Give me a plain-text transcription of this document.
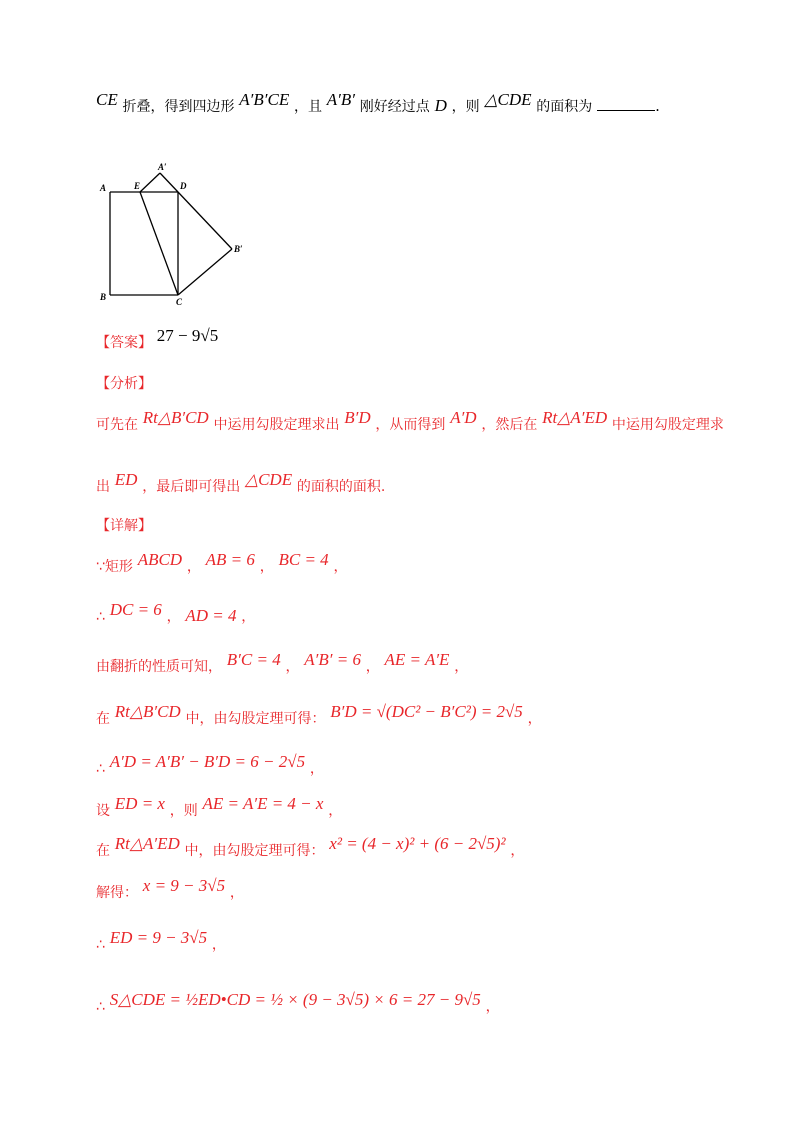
CE 折叠，得到四边形 A′B′CE ，且 A′B′ 刚好经过点 D ，则 △CDE 的面积为	.
A	E	D
A′
B	C
B′
【答案】 27 − 9√5
【分析】
可先在 Rt△B′CD 中运用勾股定理求出 B′D ，从而得到 A′D ，然后在 Rt△A′ED 中运用勾股定理求
出 ED ，最后即可得出 △CDE 的面积的面积.
【详解】
∵矩形 ABCD ， AB = 6 ， BC = 4 ，
∴ DC = 6 ， AD = 4 ，
由翻折的性质可知， B′C = 4 ， A′B′ = 6 ， AE = A′E ，
在 Rt△B′CD 中，由勾股定理可得： B′D = √(DC² − B′C²) = 2√5 ，
∴ A′D = A′B′ − B′D = 6 − 2√5 ，
设 ED = x ，则 AE = A′E = 4 − x ，
在 Rt△A′ED 中，由勾股定理可得： x² = (4 − x)² + (6 − 2√5)² ，
解得： x = 9 − 3√5 ，
∴ ED = 9 − 3√5 ，
∴ S△CDE = ½ED•CD = ½ × (9 − 3√5) × 6 = 27 − 9√5 ，
